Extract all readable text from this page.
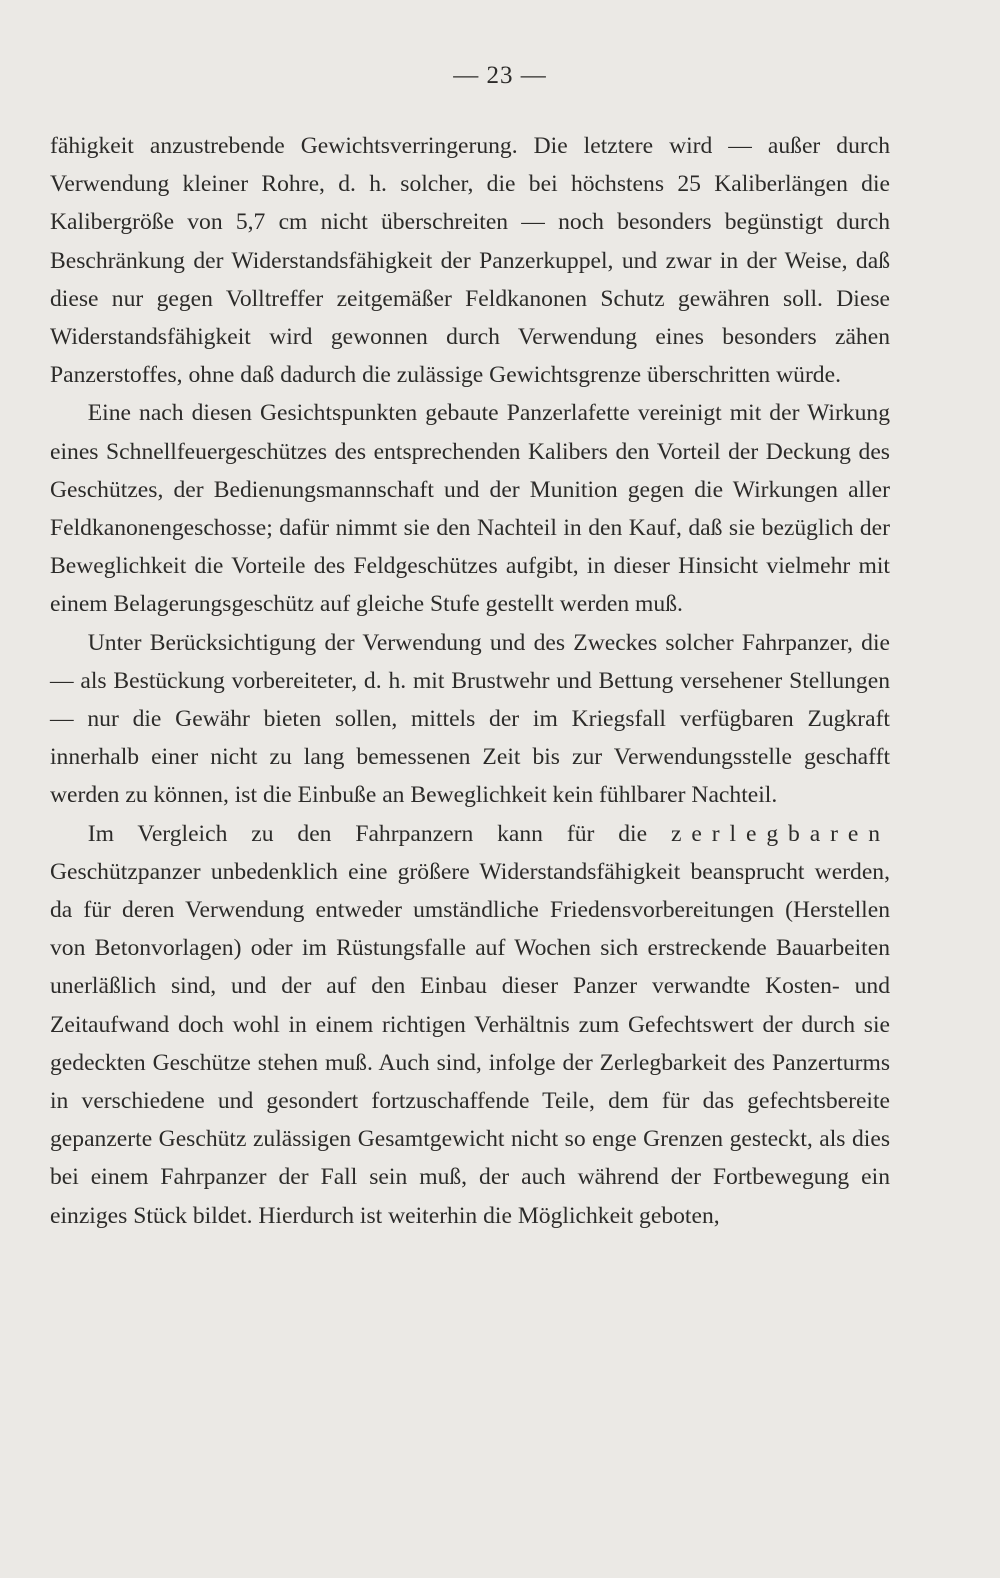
— 23 —

fähigkeit anzustrebende Gewichtsverringerung. Die letztere wird — außer durch Verwendung kleiner Rohre, d. h. solcher, die bei höchstens 25 Kaliberlängen die Kalibergröße von 5,7 cm nicht überschreiten — noch besonders begünstigt durch Beschränkung der Widerstandsfähigkeit der Panzerkuppel, und zwar in der Weise, daß diese nur gegen Volltreffer zeitgemäßer Feldkanonen Schutz gewähren soll. Diese Widerstandsfähigkeit wird gewonnen durch Verwendung eines besonders zähen Panzerstoffes, ohne daß dadurch die zulässige Gewichtsgrenze überschritten würde.

Eine nach diesen Gesichtspunkten gebaute Panzerlafette vereinigt mit der Wirkung eines Schnellfeuergeschützes des entsprechenden Kalibers den Vorteil der Deckung des Geschützes, der Bedienungsmannschaft und der Munition gegen die Wirkungen aller Feldkanonengeschosse; dafür nimmt sie den Nachteil in den Kauf, daß sie bezüglich der Beweglichkeit die Vorteile des Feldgeschützes aufgibt, in dieser Hinsicht vielmehr mit einem Belagerungsgeschütz auf gleiche Stufe gestellt werden muß.

Unter Berücksichtigung der Verwendung und des Zweckes solcher Fahrpanzer, die — als Bestückung vorbereiteter, d. h. mit Brustwehr und Bettung versehener Stellungen — nur die Gewähr bieten sollen, mittels der im Kriegsfall verfügbaren Zugkraft innerhalb einer nicht zu lang bemessenen Zeit bis zur Verwendungsstelle geschafft werden zu können, ist die Einbuße an Beweglichkeit kein fühlbarer Nachteil.

Im Vergleich zu den Fahrpanzern kann für die zerlegbaren Geschützpanzer unbedenklich eine größere Widerstandsfähigkeit beansprucht werden, da für deren Verwendung entweder umständliche Friedensvorbereitungen (Herstellen von Betonvorlagen) oder im Rüstungsfalle auf Wochen sich erstreckende Bauarbeiten unerläßlich sind, und der auf den Einbau dieser Panzer verwandte Kosten- und Zeitaufwand doch wohl in einem richtigen Verhältnis zum Gefechtswert der durch sie gedeckten Geschütze stehen muß. Auch sind, infolge der Zerlegbarkeit des Panzerturms in verschiedene und gesondert fortzuschaffende Teile, dem für das gefechtsbereite gepanzerte Geschütz zulässigen Gesamtgewicht nicht so enge Grenzen gesteckt, als dies bei einem Fahrpanzer der Fall sein muß, der auch während der Fortbewegung ein einziges Stück bildet. Hierdurch ist weiterhin die Möglichkeit geboten,
